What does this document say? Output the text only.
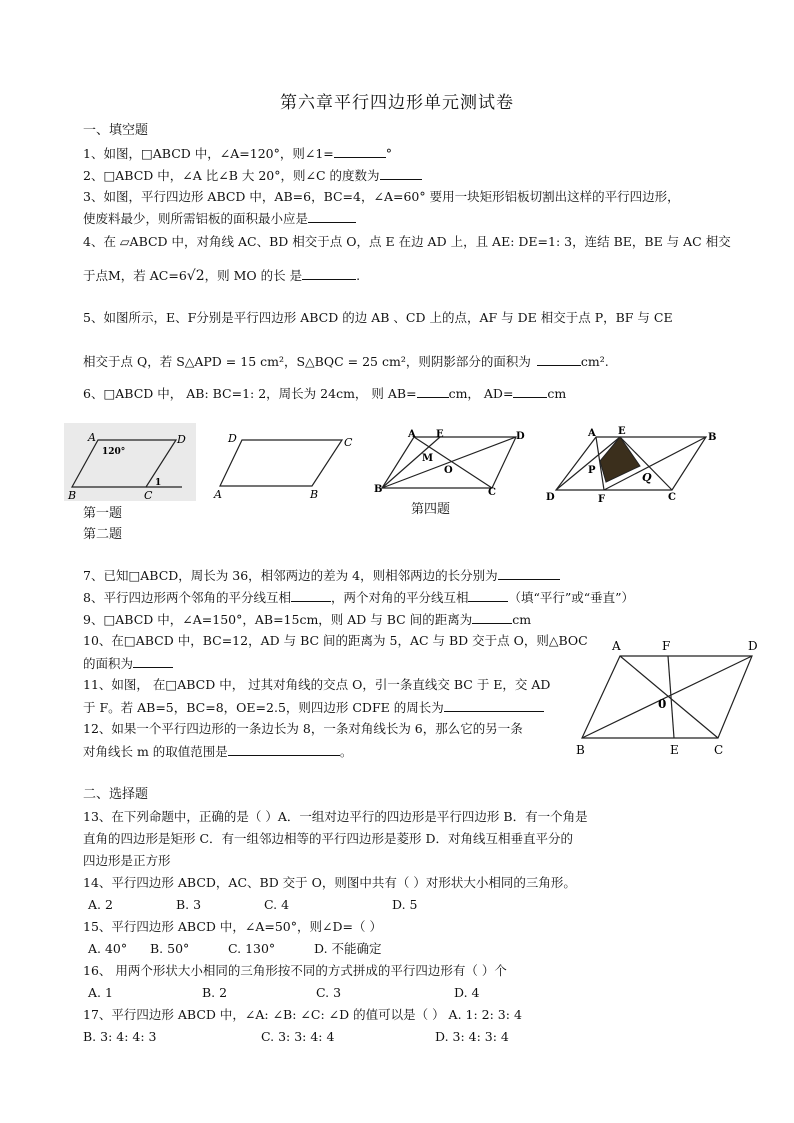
第六章平行四边形单元测试卷
一、填空题
1、如图，□ABCD 中，∠A=120°，则∠1=	°
2、□ABCD 中，∠A 比∠B 大 20°，则∠C 的度数为
3、如图，平行四边形 ABCD 中，AB=6，BC=4，∠A=60° 要用一块矩形铝板切割出这样的平行四边形，
使废料最少，则所需铝板的面积最小应是
4、在 ▱ABCD 中，对角线 AC、BD 相交于点 O，点 E 在边 AD 上，且 AE: DE=1: 3，连结 BE，BE 与 AC 相交
于点M，若 AC=6√2，则 MO 的长 是	.
5、如图所示，E、F分别是平行四边形 ABCD 的边 AB 、CD 上的点，AF 与 DE 相交于点 P，BF 与 CE
相交于点 Q，若 S△APD = 15 cm²，S△BQC = 25 cm²，则阴影部分的面积为	cm².
6、□ABCD 中， AB: BC=1: 2，周长为 24cm， 则 AB=	cm， AD=	cm
A	D
B	C
120°
1
D	C
A	B
A E	D
M
O
B	C
A E
B
P
Q
D	F	C
第一题
第二题
第四题
7、已知□ABCD，周长为 36，相邻两边的差为 4，则相邻两边的长分别为
8、平行四边形两个邻角的平分线互相	，两个对角的平分线互相	（填“平行”或“垂直”）
9、□ABCD 中，∠A=150°，AB=15cm，则 AD 与 BC 间的距离为	cm
10、在□ABCD 中，BC=12，AD 与 BC 间的距离为 5，AC 与 BD 交于点 O，则△BOC
的面积为
11、如图， 在□ABCD 中， 过其对角线的交点 O，引一条直线交 BC 于 E，交 AD
于 F。若 AB=5，BC=8，OE=2.5，则四边形 CDFE 的周长为
12、如果一个平行四边形的一条边长为 8，一条对角线长为 6，那么它的另一条
对角线长 m 的取值范围是	。
A	F	D
0
B	E	C
二、选择题
13、在下列命题中，正确的是（ ）A．一组对边平行的四边形是平行四边形 B．有一个角是
直角的四边形是矩形 C．有一组邻边相等的平行四边形是菱形 D．对角线互相垂直平分的
四边形是正方形
14、平行四边形 ABCD，AC、BD 交于 O，则图中共有（ ）对形状大小相同的三角形。
A. 2	B. 3	C. 4	D. 5
15、平行四边形 ABCD 中，∠A=50°，则∠D=（ ）
A. 40° B. 50°	C. 130°	D. 不能确定
16、 用两个形状大小相同的三角形按不同的方式拼成的平行四边形有（ ）个
A. 1	B. 2	C. 3	D. 4
17、平行四边形 ABCD 中，∠A: ∠B: ∠C: ∠D 的值可以是（ ） A. 1: 2: 3: 4
B. 3: 4: 4: 3	C. 3: 3: 4: 4	D. 3: 4: 3: 4
